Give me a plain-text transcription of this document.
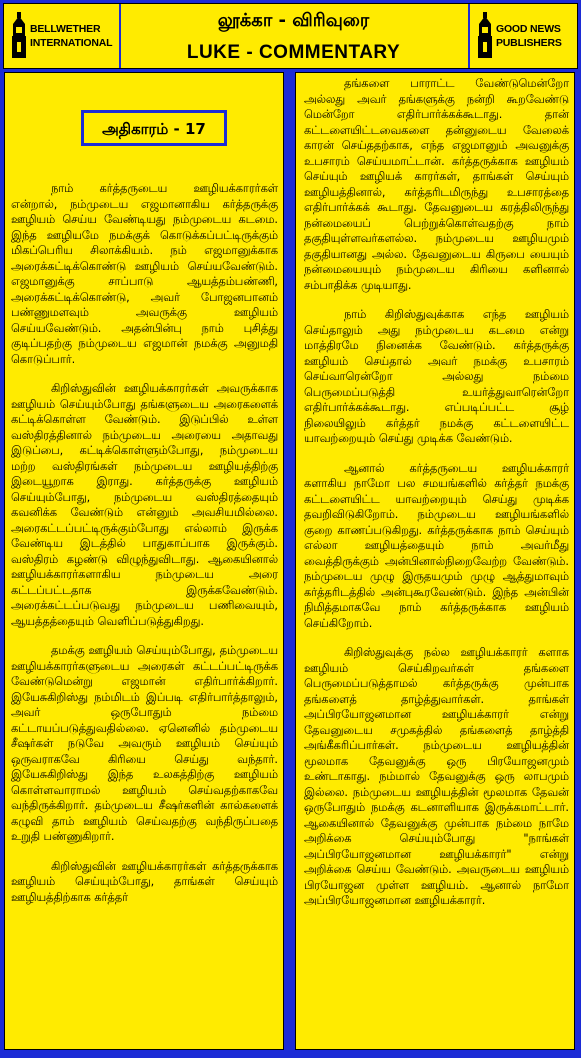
BELLWETHER
INTERNATIONAL
லூக்கா - விரிவுரை
LUKE - COMMENTARY
GOOD NEWS
PUBLISHERS
அதிகாரம் - 17

நாம் கர்த்தருடைய ஊழியக்காரர்கள் என்றால், நம்முடைய எஜமானாகிய கர்த்தருக்கு ஊழியம் செய்ய வேண்டியது நம்முடைய கடமை. இந்த ஊழியமே நமக்குக் கொடுக்கப்பட்டிருக்கும் மிகப்பெரிய சிலாக்கியம். நம் எஜமானுக்காக அரைக்கட்டிக்கொண்டு ஊழியம் செய்யவேண்டும். எஜமானுக்கு சாப்பாடு ஆயத்தம்பண்ணி, அரைக்கட்டிக்கொண்டு, அவர் போஜனபானம் பண்ணுமளவும் அவருக்கு ஊழியம் செய்யவேண்டும். அதன்பின்பு நாம் புசித்து குடிப்பதற்கு நம்முடைய எஜமான் நமக்கு அனுமதி கொடுப்பார்.

கிறிஸ்துவின் ஊழியக்காரர்கள் அவருக்காக ஊழியம் செய்யும்போது தங்களுடைய அரைகளைக் கட்டிக்கொள்ள வேண்டும். இடுப்பில் உள்ள வஸ்திரத்தினால் நம்முடைய அரையை அதாவது இடுப்பை, கட்டிக்கொள்ளும்போது, நம்முடைய மற்ற வஸ்திரங்கள் நம்முடைய ஊழியத்திற்கு இடையூறாக இராது. கர்த்தருக்கு ஊழியம் செய்யும்போது, நம்முடைய வஸ்திரத்தையும் கவனிக்க வேண்டும் என்னும் அவசியமில்லை. அரைகட்டப்பட்டிருக்கும்போது எல்லாம் இருக்க வேண்டிய இடத்தில் பாதுகாப்பாக இருக்கும். வஸ்திரம் கழண்டு விழுந்துவிடாது. ஆகையினால் ஊழியக்காரர்களாகிய நம்முடைய அரை கட்டப்பட்டதாக இருக்கவேண்டும். அரைக்கட்டப்படுவது நம்முடைய பணிவையும், ஆயத்தத்தையும் வெளிப்படுத்துகிறது.

தமக்கு ஊழியம் செய்யும்போது, தம்முடைய ஊழியக்காரர்களுடைய அரைகள் கட்டப்பட்டிருக்க வேண்டுமென்று எஜமான் எதிர்பார்க்கிறார். இயேசுகிறிஸ்து நம்மிடம் இப்படி எதிர்பார்த்தாலும், அவர் ஒருபோதும் நம்மை கட்டாயப்படுத்துவதில்லை. ஏனெனில் தம்முடைய சீஷர்கள் நடுவே அவரும் ஊழியம் செய்யும் ஒருவராகவே கிரியை செய்து வந்தார். இயேசுகிறிஸ்து இந்த உலகத்திற்கு ஊழியம் கொள்ளவாராமல் ஊழியம் செய்வதற்காகவே வந்திருக்கிறார். தம்முடைய சீஷர்களின் கால்களைக் கழுவி தாம் ஊழியம் செய்வதற்கு வந்திருப்பதை உறுதி பண்ணுகிறார்.

கிறிஸ்துவின் ஊழியக்காரர்கள் கர்த்தருக்காக ஊழியம் செய்யும்போது, தாங்கள் செய்யும் ஊழியத்திற்காக கர்த்தர்

தங்களை பாராட்ட வேண்டுமென்றோ அல்லது அவர் தங்களுக்கு நன்றி கூறவேண்டு மென்றோ எதிர்பார்க்கக்கூடாது. தான் கட்டளையிட்டவைகளை தன்னுடைய வேலைக் காரன் செய்ததற்காக, எந்த எஜமானும் அவனுக்கு உபசாரம் செய்யமாட்டான். கர்த்தருக்காக ஊழியம் செய்யும் ஊழியக் காரர்கள், தாங்கள் செய்யும் ஊழியத்தினால், கர்த்தரிடமிருந்து உபசாரத்தை எதிர்பார்க்கக் கூடாது. தேவனுடைய கரத்திலிருந்து நன்மையைப் பெற்றுக்கொள்வதற்கு நாம் தகுதியுள்ளவர்களல்ல. நம்முடைய ஊழியமும் தகுதியானது அல்ல. தேவனுடைய கிருபை யையும் நன்மையையும் நம்முடைய கிரியை களினால் சம்பாதிக்க முடியாது.

நாம் கிறிஸ்துவுக்காக எந்த ஊழியம் செய்தாலும் அது நம்முடைய கடமை என்று மாத்திரமே நினைக்க வேண்டும். கர்த்தருக்கு ஊழியம் செய்தால் அவர் நமக்கு உபசாரம் செய்வாரென்றோ அல்லது நம்மை பெருமைப்படுத்தி உயர்த்துவாரென்றோ எதிர்பார்க்கக்கூடாது. எப்படிப்பட்ட சூழ் நிலையிலும் கர்த்தர் நமக்கு கட்டளையிட்ட யாவற்றையும் செய்து முடிக்க வேண்டும்.

ஆனால் கர்த்தருடைய ஊழியக்காரர் களாகிய நாமோ பல சமயங்களில் கர்த்தர் நமக்கு கட்டளையிட்ட யாவற்றையும் செய்து முடிக்க தவறிவிடுகிறோம். நம்முடைய ஊழியங்களில் குறை காணப்படுகிறது. கர்த்தருக்காக நாம் செய்யும் எல்லா ஊழியத்தையும் நாம் அவர்மீது வைத்திருக்கும் அன்பினால்நிறைவேற்ற வேண்டும். நம்முடைய முழு இருதயமும் முழு ஆத்துமாவும் கர்த்தரிடத்தில் அன்புகூரவேண்டும். இந்த அன்பின் நிமித்தமாகவே நாம் கர்த்தருக்காக ஊழியம் செய்கிறோம்.

கிறிஸ்துவுக்கு நல்ல ஊழியக்காரர் களாக ஊழியம் செய்கிறவர்கள் தங்களை பெருமைப்படுத்தாமல் கர்த்தருக்கு முன்பாக தங்களைத் தாழ்த்துவார்கள். தாங்கள் அப்பிரயோஜனமான ஊழியக்காரர் என்று தேவனுடைய சமுகத்தில் தங்களைத் தாழ்த்தி அங்கீகரிப்பார்கள். நம்முடைய ஊழியத்தின் மூலமாக தேவனுக்கு ஒரு பிரயோஜனமும் உண்டாகாது. நம்மால் தேவனுக்கு ஒரு லாபமும் இல்லை. நம்முடைய ஊழியத்தின் மூலமாக தேவன் ஒருபோதும் நமக்கு கடனாளியாக இருக்கமாட்டார். ஆகையினால் தேவனுக்கு முன்பாக நம்மை நாமே அறிக்கை செய்யும்போது "நாங்கள் அப்பிரயோஜனமான ஊழியக்காரர்" என்று அறிக்கை செய்ய வேண்டும். அவருடைய ஊழியம் பிரயோஜன முள்ள ஊழியம். ஆனால் நாமோ அப்பிரயோஜனமான ஊழியக்காரர்.
